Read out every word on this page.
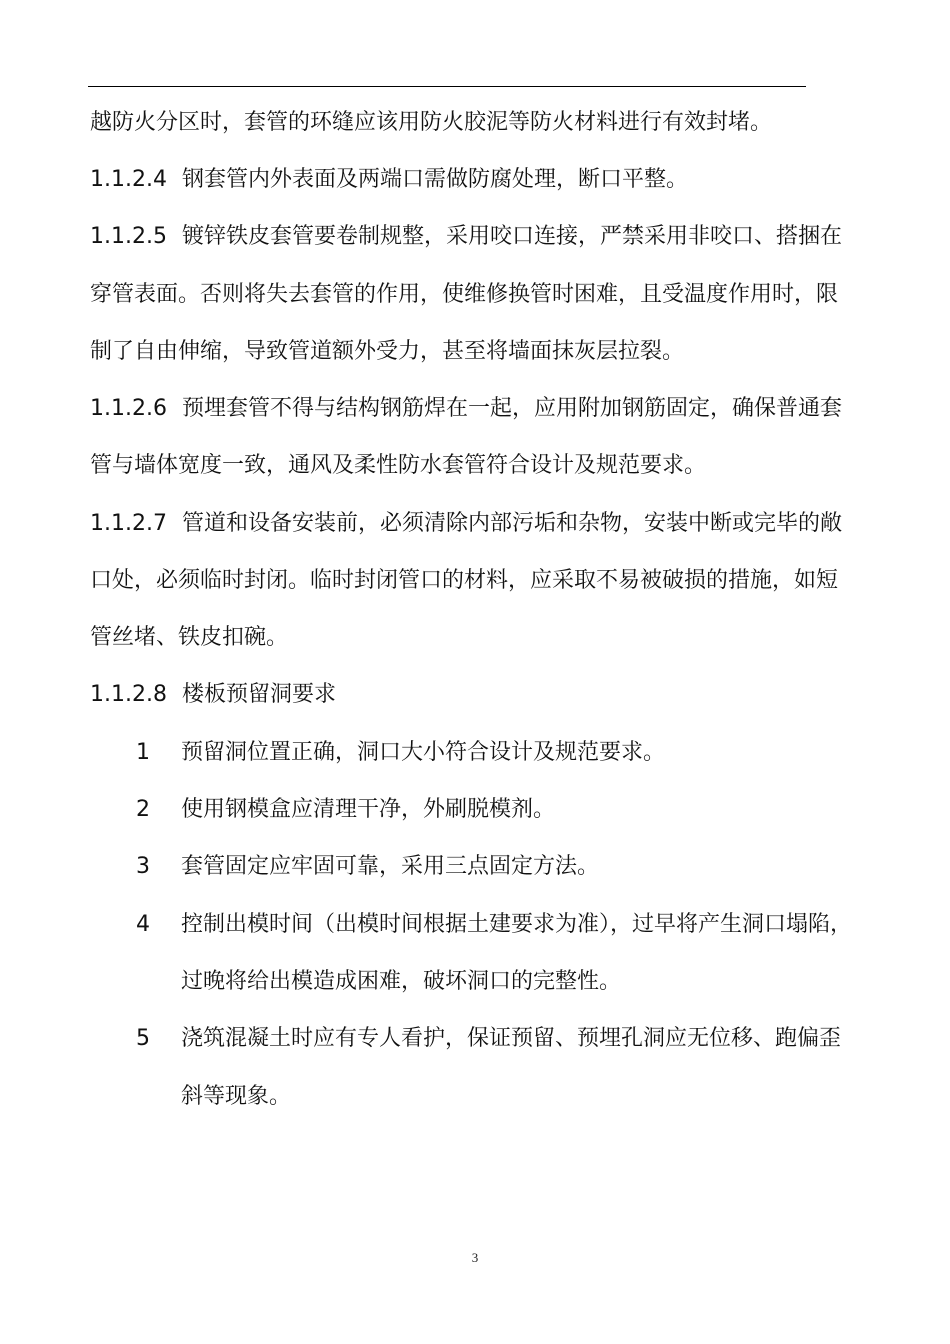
越防火分区时，套管的环缝应该用防火胶泥等防火材料进行有效封堵。
1.1.2.4 钢套管内外表面及两端口需做防腐处理，断口平整。
1.1.2.5 镀锌铁皮套管要卷制规整，采用咬口连接，严禁采用非咬口、搭捆在
穿管表面。否则将失去套管的作用，使维修换管时困难，且受温度作用时，限
制了自由伸缩，导致管道额外受力，甚至将墙面抹灰层拉裂。
1.1.2.6 预埋套管不得与结构钢筋焊在一起，应用附加钢筋固定，确保普通套
管与墙体宽度一致，通风及柔性防水套管符合设计及规范要求。
1.1.2.7 管道和设备安装前，必须清除内部污垢和杂物，安装中断或完毕的敞
口处，必须临时封闭。临时封闭管口的材料，应采取不易被破损的措施，如短
管丝堵、铁皮扣碗。
1.1.2.8 楼板预留洞要求
1 预留洞位置正确，洞口大小符合设计及规范要求。
2 使用钢模盒应清理干净，外刷脱模剂。
3 套管固定应牢固可靠，采用三点固定方法。
4 控制出模时间（出模时间根据土建要求为准），过早将产生洞口塌陷，
过晚将给出模造成困难，破坏洞口的完整性。
5 浇筑混凝土时应有专人看护，保证预留、预埋孔洞应无位移、跑偏歪
斜等现象。
3
